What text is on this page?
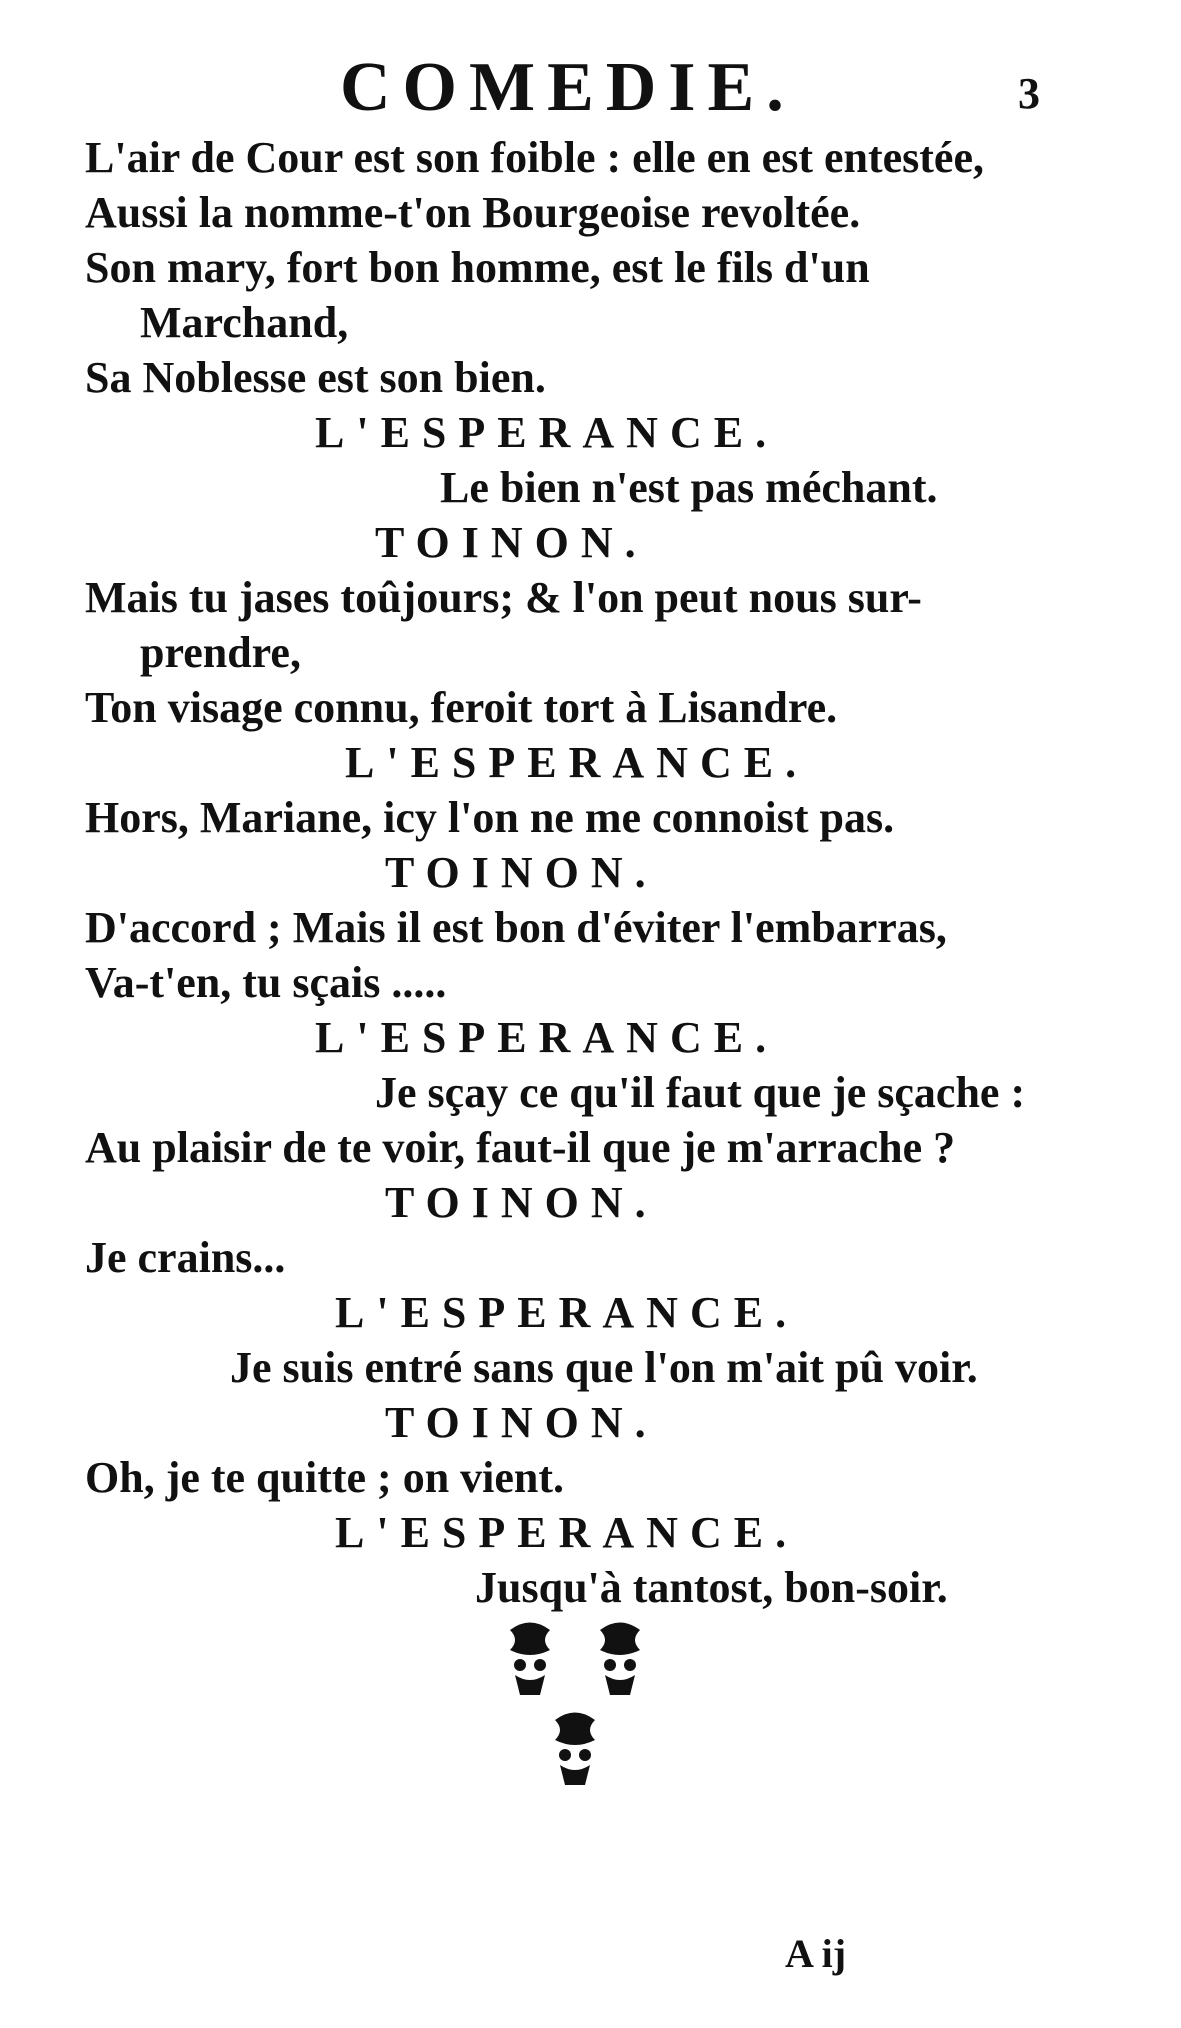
COMEDIE.	3
L'air de Cour est son foible : elle en est entestée,
Aussi la nomme-t'on Bourgeoise revoltée.
Son mary, fort bon homme, est le fils d'un
Marchand,
Sa Noblesse est son bien.
L'ESPERANCE.
Le bien n'est pas méchant.
TOINON.
Mais tu jases toûjours; & l'on peut nous sur-
prendre,
Ton visage connu, feroit tort à Lisandre.
L'ESPERANCE.
Hors, Mariane, icy l'on ne me connoist pas.
TOINON.
D'accord ; Mais il est bon d'éviter l'embarras,
Va-t'en, tu sçais .....
L'ESPERANCE.
Je sçay ce qu'il faut que je sçache :
Au plaisir de te voir, faut-il que je m'arrache ?
TOINON.
Je crains...
L'ESPERANCE.
Je suis entré sans que l'on m'ait pû voir.
TOINON.
Oh, je te quitte ; on vient.
L'ESPERANCE.
Jusqu'à tantost, bon-soir.
A ij
